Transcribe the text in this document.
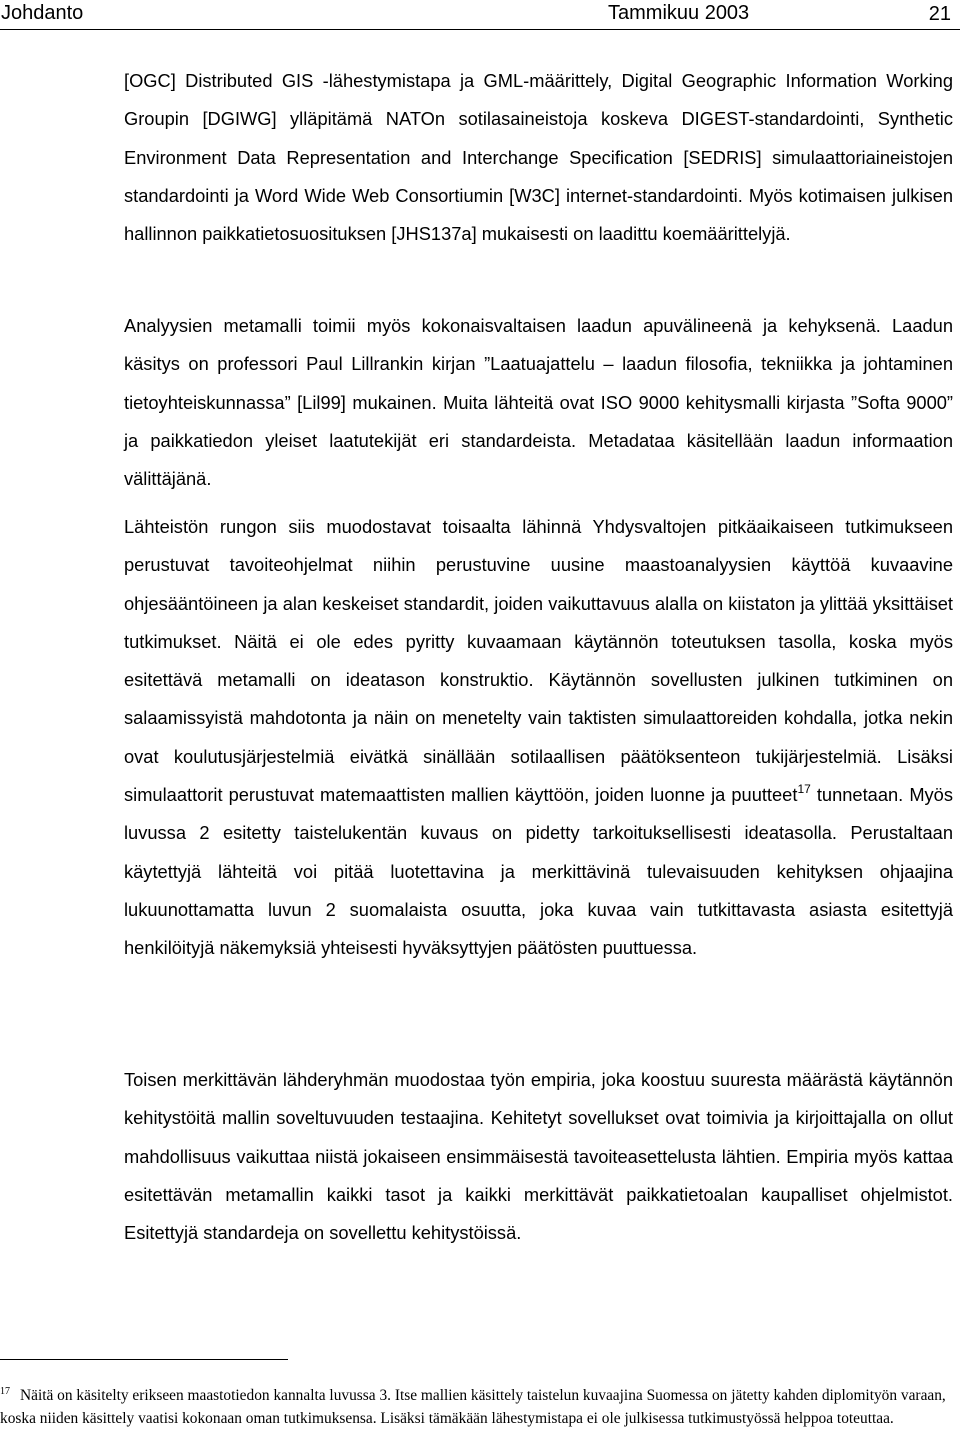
Johdanto	Tammikuu 2003	21

[OGC] Distributed GIS -lähestymistapa ja GML-määrittely, Digital Geographic Information Working Groupin [DGIWG] ylläpitämä NATOn sotilasaineistoja koskeva DIGEST-standardointi, Synthetic Environment Data Representation and Interchange Specification [SEDRIS] simulaattoriaineistojen standardointi ja Word Wide Web Consortiumin [W3C] internet-standardointi. Myös kotimaisen julkisen hallinnon paikkatietosuosituksen [JHS137a] mukaisesti on laadittu koemäärittelyjä.

Analyysien metamalli toimii myös kokonaisvaltaisen laadun apuvälineenä ja kehyksenä. Laadun käsitys on professori Paul Lillrankin kirjan ”Laatuajattelu – laadun filosofia, tekniikka ja johtaminen tietoyhteiskunnassa” [Lil99] mukainen. Muita lähteitä ovat ISO 9000 kehitysmalli kirjasta ”Softa 9000” ja paikkatiedon yleiset laatutekijät eri standardeista. Metadataa käsitellään laadun informaation välittäjänä.

Lähteistön rungon siis muodostavat toisaalta lähinnä Yhdysvaltojen pitkäaikaiseen tutkimukseen perustuvat tavoiteohjelmat niihin perustuvine uusine maastoanalyysien käyttöä kuvaavine ohjesääntöineen ja alan keskeiset standardit, joiden vaikuttavuus alalla on kiistaton ja ylittää yksittäiset tutkimukset. Näitä ei ole edes pyritty kuvaamaan käytännön toteutuksen tasolla, koska myös esitettävä metamalli on ideatason konstruktio. Käytännön sovellusten julkinen tutkiminen on salaamissyistä mahdotonta ja näin on menetelty vain taktisten simulaattoreiden kohdalla, jotka nekin ovat koulutusjärjestelmiä eivätkä sinällään sotilaallisen päätöksenteon tukijärjestelmiä. Lisäksi simulaattorit perustuvat matemaattisten mallien käyttöön, joiden luonne ja puutteet$^{17}$ tunnetaan. Myös luvussa 2 esitetty taistelukentän kuvaus on pidetty tarkoituksellisesti ideatasolla. Perustaltaan käytettyjä lähteitä voi pitää luotettavina ja merkittävinä tulevaisuuden kehityksen ohjaajina lukuunottamatta luvun 2 suomalaista osuutta, joka kuvaa vain tutkittavasta asiasta esitettyjä henkilöityjä näkemyksiä yhteisesti hyväksyttyjen päätösten puuttuessa.

Toisen merkittävän lähderyhmän muodostaa työn empiria, joka koostuu suuresta määrästä käytännön kehitystöitä mallin soveltuvuuden testaajina. Kehitetyt sovellukset ovat toimivia ja kirjoittajalla on ollut mahdollisuus vaikuttaa niistä jokaiseen ensimmäisestä tavoiteasettelusta lähtien. Empiria myös kattaa esitettävän metamallin kaikki tasot ja kaikki merkittävät paikkatietoalan kaupalliset ohjelmistot. Esitettyjä standardeja on sovellettu kehitystöissä.

$^{17}$ Näitä on käsitelty erikseen maastotiedon kannalta luvussa 3. Itse mallien käsittely taistelun kuvaajina Suomessa on jätetty kahden diplomityön varaan, koska niiden käsittely vaatisi kokonaan oman tutkimuksensa. Lisäksi tämäkään lähestymistapa ei ole julkisessa tutkimustyössä helppoa toteuttaa.
